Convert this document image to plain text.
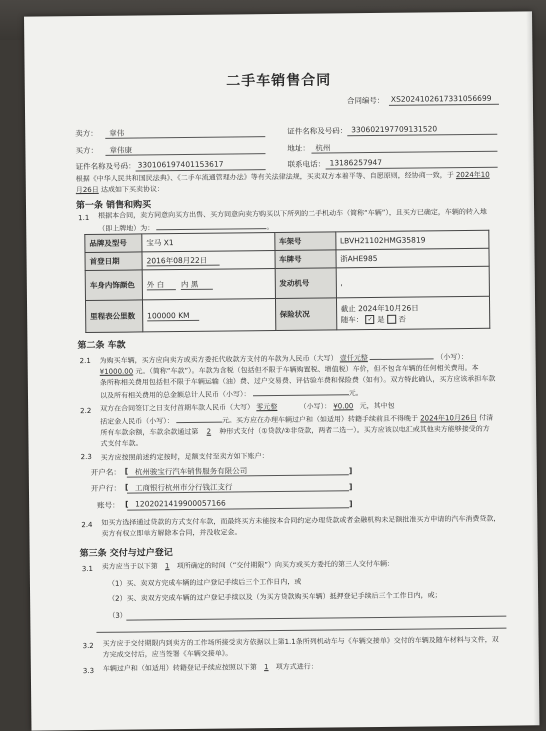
二手车销售合同
合同编号： XS2024102617331056699
卖方： 章伟	证件名称及号码： 330602197709131520
买方： 章伟康	地址： 杭州
证件名称及号码： 330106197401153617	联系电话： 13186257947
根据《中华人民共和国民法典》、《二手车流通管理办法》等有关法律法规，买卖双方本着平等、自愿原则，经协商一致，于 2024年10
月26日 达成如下买卖协议：
第一条 销售和购买
1.1 根据本合同，卖方同意向买方出售、买方同意向卖方购买以下所列的二手机动车（简称“车辆”），且买方已确定，车辆的转入地
（即上牌地）为：	。
品牌及型号	宝马 X1	车架号	LBVH21102HMG35819
首登日期	2016年08月22日	车牌号	浙AHE985
车身内饰颜色	外 白 内 黑	发动机号	,
里程表公里数	100000 KM	保险状况	截止 2024年10月26日
随车： ✓ 是 否
第二条 车款
2.1 为购买车辆，买方应向卖方或卖方委托代收款方支付的车款为人民币（大写） 壹仟元整	（小写）：
¥1000.00 元。（简称“车款”）。车款为含税（包括但不限于车辆购置税、增值税）车价，但不包含车辆的任何相关费用。本
条所称相关费用包括但不限于车辆运输（油）费、过户交易费、评估验车费和保险费（如有）。双方特此确认，买方应该承担车款
以及所有相关费用的总金额总计人民币（小写）：	元。
2.2 双方在合同签订之日支付首期车款人民币（大写） 零元整	（小写）： ¥0.00 元，其中包
括定金人民币（小写）：	元。买方应在办理车辆过户和（如适用）转籍手续前且不得晚于 2024年10月26日 付清
所有车款余额，车款余款通过第 2 种形式支付（①贷款/②非贷款，两者二选一）。买方应该以电汇或其他卖方能够接受的方
式支付车款。
2.3 买方应按照前述约定按时，足额支付至卖方如下账户：
开户名： [ 杭州骏宝行汽车销售服务有限公司	]
开户行： [ 工商银行杭州市分行钱江支行	]
账号： [ 1202021419900057166	]
2.4 如买方选择通过贷款的方式支付车款，而最终买方未能按本合同约定办理贷款或者金融机构未足额批准买方申请的汽车消费贷款，
卖方有权立即单方解除本合同，并没收定金。
第三条 交付与过户登记
3.1 卖方应当于以下第 1 项所确定的时间（“交付期限”）向买方或买方委托的第三人交付车辆：
（1）买、卖双方完成车辆的过户登记手续后三个工作日内，或
（2）买、卖双方完成车辆的过户登记手续以及（为买方贷款购买车辆）抵押登记手续后三个工作日内，或；
（3）
3.2 买方应于交付期限内到卖方的工作场所接受卖方依据以上第1.1条所列机动车与《车辆交接单》交付的车辆及随车材料与文件，双
方完成交付后，应当签署《车辆交接单》。
3.3 车辆过户和（如适用）转籍登记手续应按照以下第 1 项方式进行：
